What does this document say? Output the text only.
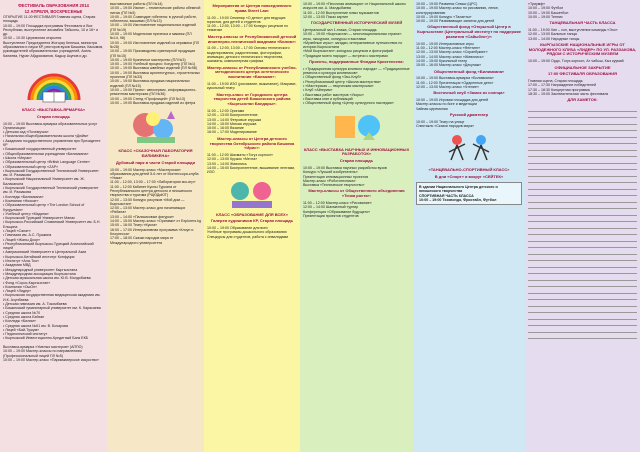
ФЕСТИВАЛЬ ОБРАЗОВАНИЯ 2014
12 АПРЕЛЯ, ВОСКРЕСЕНЬЕ

ОТКРЫТИЕ 11.00 ФЕСТИВАЛЯ Главная сцена, Старая площадь
10:00 – 19:00 Площадка программы Фестиваля и Все Республики, выступление ансамбля Табылгы, 10 и 16+ и др.
10:00 – 10:30 Церемония открытия
Выступление Председателя Жогорку Кенеша, министра образования и науки КР, ректоров вузов Бишкека, Касымов, руководителей образовательных учреждений, Асель Калиева, Нуран Абдрахманов, Кадыр Акунов и др.

КЛАСС «ВЫСТАВКА-ЯРМАРКА»
Старая площадь

10:00 – 19:00 Выставка-ярмарка образовательных услуг
Организации:
• Детская сад «Почемучка»
• Начальная общеобразовательная школа «Дюйм»
• Академия государственного управления при Президенте КР
• Бишкекский государственный университет
• Общеобразовательная учреждения «Билимкана»
• Школа «Мерак»
• Образовательный центр «British Language Centre»
• Образовательный центр «ZAP»
• Кыргызский Государственный Технический Университет им. И. Раззакова
• Кыргызский Национальный Университет им. Ж. Баласагына
• Кыргызский Государственный Технический университет им. И. Раззакова
• Колледж «Билимкана»
• Компания «Ноокат»
• Образовательный центр «The London School of Kyrgyzstan»
• Учебный центр «Мадина»
• Кыргызский Турецкий Университет Манас
• Кыргызско-Российский Славянский Университет им. Б.Н. Ельцина
• Лицей «Сапат»
• Гимназия им. А.С. Пушкина
• Лицей «Жаны Доор»
• Республиканский Кыргызско-Турецкий Анатолийский лицей
• Американский Университет в Центральной Азии
• Кыргызско-Китайский институт Конфуция
• Институт «Ала-Тоо»
• Академия МВД
• Международный университет Кыргызстана
• Международная ассоциация Кыргызстана
• Детская музыкальная школа им. Ю.В. Молдобаева
• Фонд «Сорос-Кыргызстан»
• Компания «ОшОн»
• Лицей «Лидер»
• Кыргызская государственная медицинская академия им. И.К. Ахунбаева
• Детская гимназия им. А. Токомбаева
• Бишкекский гуманитарный университет им. К. Карасаева
• Средняя школа №70
• Средняя школа Бэйхан
• Колледж «Билим»
• Средняя школа №61 им. В. Бочарова
• Лицей «Бай-Тушум»
• Педагогический институт
• Кыргызский Инвестиционно-Кредитный Банк ЕКБ

Выставка-ярмарка «Умелых мастеров» (АППО)
10:00 – 19:00 Мастер-классы по направлениям (Профессиональный лицей ПЛ №5)
10:00 – 19:00 Мастер-класс «Парикмахерское искусство»

выставочные работы (ПЛ №14)
10:00 – 19:00 Изонит – тематические работы обемной нитью (ПЛ №5)
10:00 – 19:00 Созвездие гобелена: в ручной работе, гобеленом, вышивки (ПЛ №13)
10:00 – 19:00 Изготовление национальных изделий (ПЛ №19)
10:00 – 19:00 Модельная прическа и макияж (ПЛ №14, 98)
10:00 – 19:00 Изготовление изделий из керамики (ПЛ №28)
10:00 – 19:00 Производство сувенирной продукции (ПЛ №15)
10:00 – 19:00 Кузнечное мастерство (ПЛ №3)
10:00 – 19:00 Учебный процесс: Кондитер (ПЛ №1)
10:00 – 19:00 Выставка швейных изделий (ПЛ №98)
10:00 – 19:00 Выставка архитектурных, строительных проектов (ПЛ №33)
10:00 – 19:00 Выставка-продажа национальных изделий (ПЛ №15)
10:00 – 19:00 Проект: автосервис, информационно-ремонтная мастерская (ПЛ №36)
10:00 – 19:00 Стенд «Профлицей» (ПЛ №13)
10:00 – 19:00 Выставка-продажа изделий из фетра

КЛАСС «СКАЗОЧНАЯ ЛАБОРАТОРИЯ БИЛИМКЕНА»
Дубовый парк в части Старой площади

10:00 – 19:00 Мастер-класс «Мастерская» образования для детей 5-6 лет от Монтессори-клуба «Умка»
11:00 – 12:00, 13:00 – 17:00 «Лаборатория эко-игр»
11:00 – 12:00 Кабинет Куклы Туркана от Республиканского центра детского и юношеского творчества и туризма (РЦЮДиЮТ)
12:00 – 13:00 Конкурс рисунков «Мой дом — Кыргызстан»
12:00 – 13:00 Мастер-класс для начинающих «Рябина»
13:00 – 14:00 «Пальчиковые фигурки»
14:00 – 15:00 Мастер-класс «Оригами» от Explorers.kg
15:00 – 16:00 Театр «Кукла»
16:00 – 17:00 Интерактивная программа «Клоун и Клоунесса»
17:00 – 18:00 Сказки народов мира от Международного университета

Мероприятия от Центра повседневного права Street Law:

11:00 – 19:00 Семинар «О детях» для ведущих юристов, для детей и студентов
11:00 – 12:00, 13:00 – 17:00 Конкурс рисунков по тематике

Мастер-классы от Республиканской детской инженерно-технической академии «Билим»:

11:00 – 12:00, 13:00 – 17:00 Основы технического моделирования, радиотехники, фотографии, анимации, детского технического творчества, шахматы, компьютерная графика

Мастер-классы от Республиканского учебно-методического центра эстетического воспитания «Балажан»:

11:00 – 19:00 ИЗО (рисование, выжигание), Макраме, кукольный театр

Мастер-класс от Городского центра творчества детей Бишкекского района «Кыргызстан Балдары»:

11:00 – 12:00 Оригами
12:00 – 13:00 Бисероплетение
13:00 – 14:00 Фетровые игрушки
14:00 – 15:00 Мягкая игрушка
15:00 – 16:00 Вязание
16:00 – 17:00 Моделирование

Мастер-классы от Центра детского творчества Октябрьского района Бишкека «Ирис»:

11:00 – 12:00 Шахматы «Тогуз коргоол»
12:00 – 13:00 Кружок «Мечта»
13:00 – 14:00 Живопись
14:00 – 15:00 Бисероплетение, вышивание лентами, ИЗО

КЛАСС «ОБРАЗОВАНИЕ ДЛЯ ВСЕХ»
Галерея художников КР, Старая площадь

10:00 – 19:00 Образование для всех
Учебные программы дошкольного образования
Спецкурсы для студентов, работа с инвалидами

10:00 – 19:00 «Песочная анимация» от Национальной школы искусств им. А. Малдыбаева
11:00 – 12:00 Выступление юных музыкантов
12:00 – 13:00 Показ картин

ГОСУДАРСТВЕННЫЙ ИСТОРИЧЕСКИЙ МУЗЕЙ

Центральный зал 1-этажа, Старая площадь
10:00 – 19:00 «Кыргызстан — многонациональная страна»: игры, экскурсии, конкурсы и выставки
«Музейные игры»: загадки, интерактивные путешествия по истории Кыргызстана
«Мой Кыргызстан»: конкурсы рисунков и фотографий
«Традиции моего народа» — встречи с мастерами

Проекты, поддержанные Фондом Кристенсена:

• «Традиционная культура кочевого народа» — «Традиционные ремесла и культура кочевников»
• Общественный фонд «Эко-Клуб»
• Республиканский центр «Школа мастерства»
• «Мастерская — творческая мастерская»
• Клуб «Айгерим»
• Выставка работ мастеров «Узоры»
• Выставка книг и публикаций
• Общественный фонд «Центр культурного наследия»

КЛАСС «ВЫСТАВКА НАУЧНЫХ И ИННОВАЦИОННЫХ РАЗРАБОТОК»
Старая площадь

10:00 – 19:00 Выставка научных разработок вузов
Конкурс «Лучший изобретатель»
Презентация инновационных проектов
Мастер-класс «Робототехника»
Выставка «Техническое творчество»

Мастер-классы от Общественного объединения «Точка роста»:

11:00 – 12:00 Мастер-класс «Рисование»
12:00 – 14:00 Шахматный турнир
Конференция «Образование будущего»
Презентация проектов студентов

10:00 – 19:00 Развития Семьи (ЦРС)
10:00 – 19:00 Мастер-класс по рисованию, лепке, конструированию
10:00 – 19:00 Конкурс «Таланты»
10:00 – 19:00 Развивающие занятия для детей

Общественный фонд «Открытый Центр в Кыргызстане (Центральный институт по поддержке развития «Сайыбек»)»:

10:00 – 19:00 Интерактивные игры
11:00 – 12:00 Мастер-класс «Фелтинг»
12:00 – 13:00 Мастер-класс «Скрапбукинг»
13:00 – 14:00 Мастер-класс «Живопись»
14:00 – 15:00 Кукольный театр
15:00 – 16:00 Мастер-класс «Декупаж»

Общественный фонд «Билимкана»

10:00 – 19:00 Выставка-ярмарка «Билимкана»
11:00 – 12:00 Презентация «Одаренные дети»
12:00 – 13:00 Мастер-класс «Чтение»

Восточный клуб «Замок из солнца»

10:00 – 19:00 Игровая площадка для детей
Мастер-классы по йоге и медитации
Чайная церемония

Русский драмтеатр

10:00 – 19:00 Театр на улице
Спектакль «Сказки народов мира»

«ТАНЦЕВАЛЬНО-СПОРТИВНЫЙ КЛАСС»
В дни «Спорт» и вокруг «СЕЙТЕК»

В здании Национального Центра детского и юношеского творчества
СПОРТИВНАЯ ЧАСТЬ КЛАССА
10:00 – 19:00 Тхэквондо, Фристайл, Футбол

«Триумф»
10:00 – 19:00 Футбол
10:00 – 19:00 Баскетбол
10:00 – 19:00 Теннис

ТАНЦЕВАЛЬНАЯ ЧАСТЬ КЛАССА

11:00 – 19:00 Хип – хоп, выступление команды «Эхо»
12:00 – 13:00 Бальные танцы
13:00 – 14:00 Народные танцы

КЫРГЫЗСКИЕ НАЦИОНАЛЬНЫЕ ИГРЫ ОТ МОЛОДЕЖНОГО КЛУБА «ЛИДЕР» ПО УЛ. РАЗЗАКОВА, РЯДОМ С ИСТОРИЧЕСКИМ МУЗЕЕМ

10:00 – 19:00 Ордо, Тогуз коргоол, Ат чабыш, Кыз куумай

ОФИЦИАЛЬНОЕ ЗАКРЫТИЕ
17:00 ФЕСТИВАЛЯ ОБРАЗОВАНИЯ

Главная сцена, Старая площадь
17:00 – 17:30 Награждение победителей
17:30 – 18:30 Концертная программа
18:30 – 19:00 Заключительная часть фестиваля

ДЛЯ ЗАМЕТОК:
